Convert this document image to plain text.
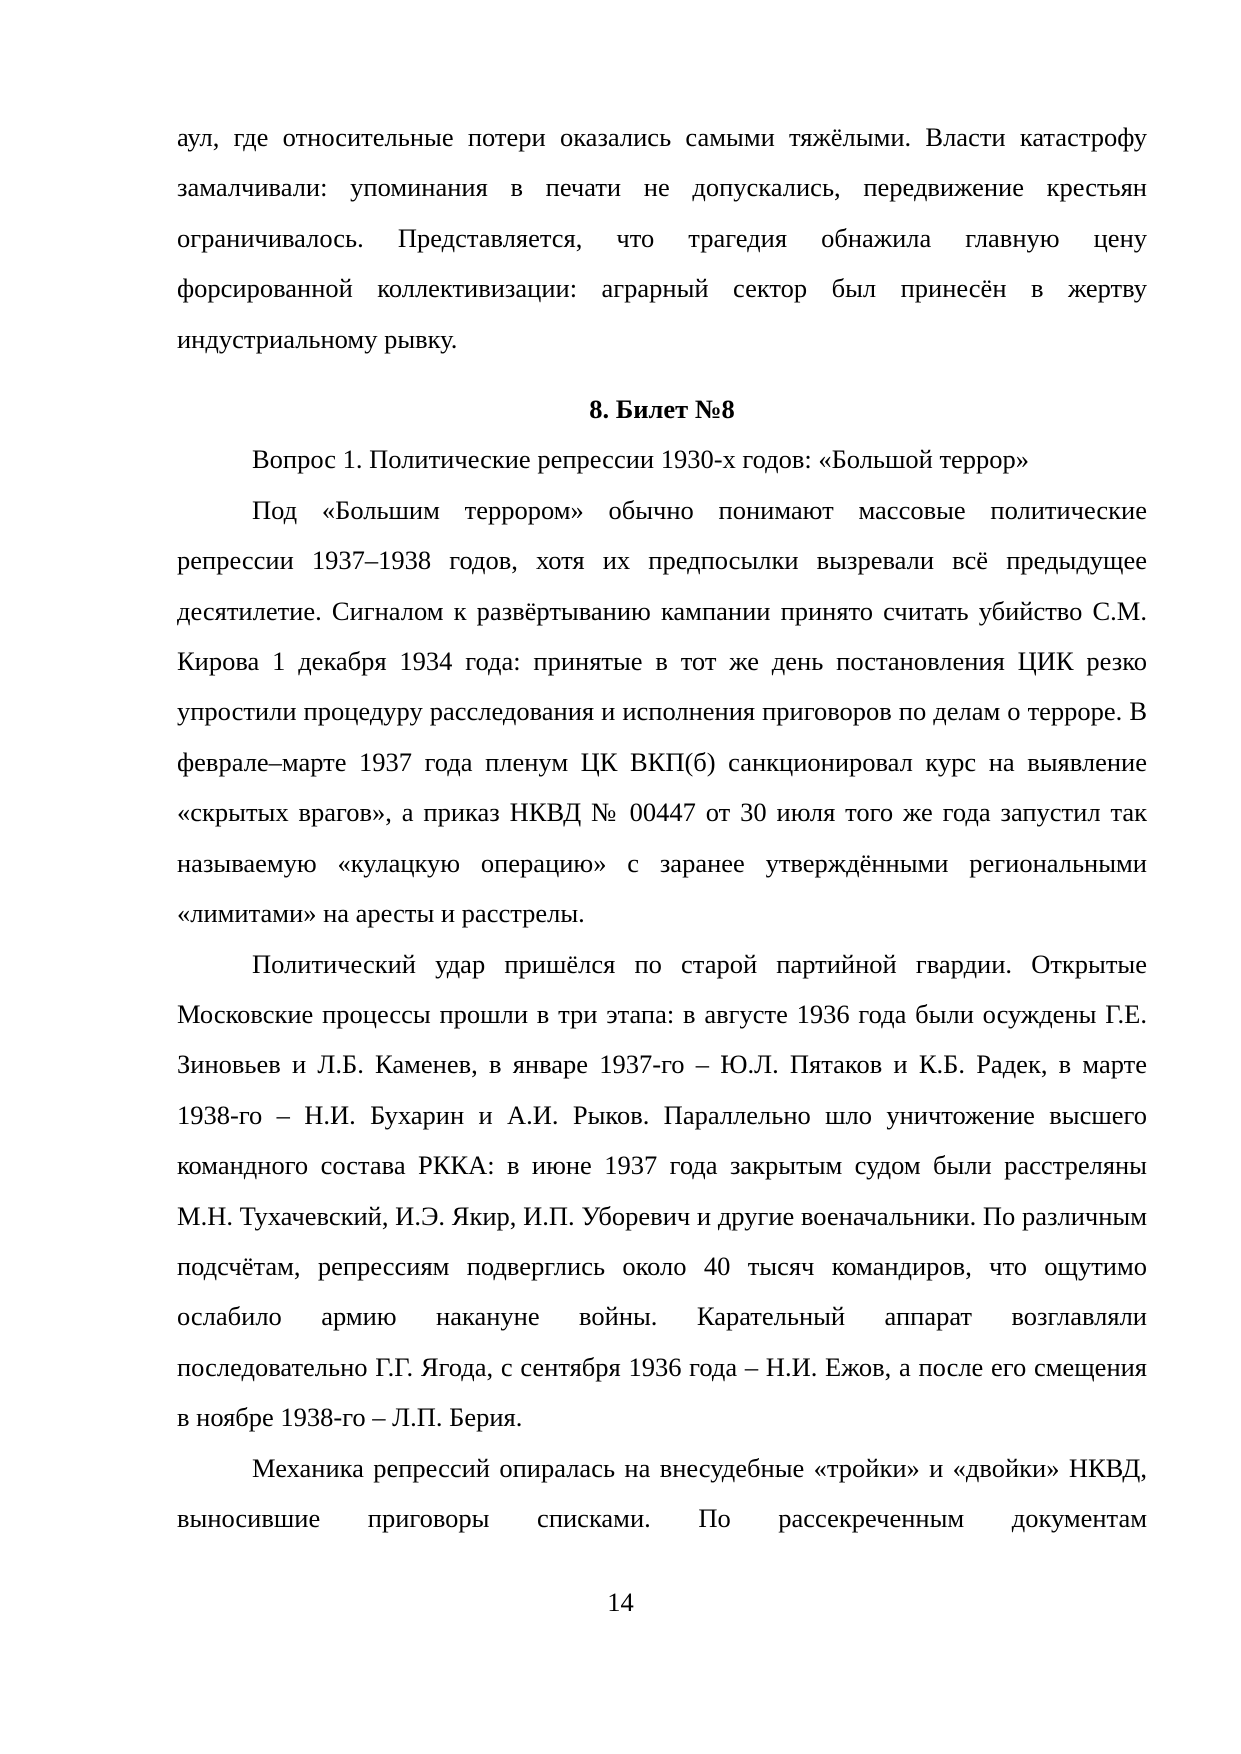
аул, где относительные потери оказались самыми тяжёлыми. Власти катастрофу замалчивали: упоминания в печати не допускались, передвижение крестьян ограничивалось. Представляется, что трагедия обнажила главную цену форсированной коллективизации: аграрный сектор был принесён в жертву индустриальному рывку.

8. Билет №8

Вопрос 1. Политические репрессии 1930-х годов: «Большой террор»

Под «Большим террором» обычно понимают массовые политические репрессии 1937–1938 годов, хотя их предпосылки вызревали всё предыдущее десятилетие. Сигналом к развёртыванию кампании принято считать убийство С.М. Кирова 1 декабря 1934 года: принятые в тот же день постановления ЦИК резко упростили процедуру расследования и исполнения приговоров по делам о терроре. В феврале–марте 1937 года пленум ЦК ВКП(б) санкционировал курс на выявление «скрытых врагов», а приказ НКВД № 00447 от 30 июля того же года запустил так называемую «кулацкую операцию» с заранее утверждёнными региональными «лимитами» на аресты и расстрелы.

Политический удар пришёлся по старой партийной гвардии. Открытые Московские процессы прошли в три этапа: в августе 1936 года были осуждены Г.Е. Зиновьев и Л.Б. Каменев, в январе 1937-го – Ю.Л. Пятаков и К.Б. Радек, в марте 1938-го – Н.И. Бухарин и А.И. Рыков. Параллельно шло уничтожение высшего командного состава РККА: в июне 1937 года закрытым судом были расстреляны М.Н. Тухачевский, И.Э. Якир, И.П. Уборевич и другие военачальники. По различным подсчётам, репрессиям подверглись около 40 тысяч командиров, что ощутимо ослабило армию накануне войны. Карательный аппарат возглавляли последовательно Г.Г. Ягода, с сентября 1936 года – Н.И. Ежов, а после его смещения в ноябре 1938-го – Л.П. Берия.

Механика репрессий опиралась на внесудебные «тройки» и «двойки» НКВД, выносившие приговоры списками. По рассекреченным документам

14
